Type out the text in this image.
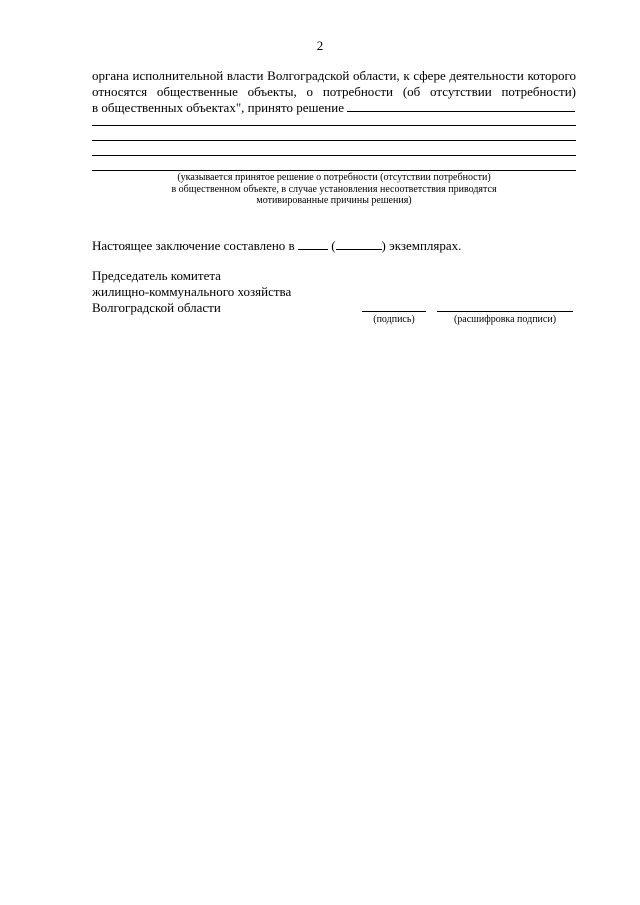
2
органа исполнительной власти Волгоградской области, к сфере деятельности которого
относятся общественные объекты, о потребности (об отсутствии потребности)
в общественных объектах", принято решение
(указывается принятое решение о потребности (отсутствии потребности)
в общественном объекте, в случае установления несоответствия приводятся
мотивированные причины решения)
Настоящее заключение составлено в	(	) экземплярах.
Председатель комитета
жилищно-коммунального хозяйства
Волгоградской области
(подпись)	(расшифровка подписи)
